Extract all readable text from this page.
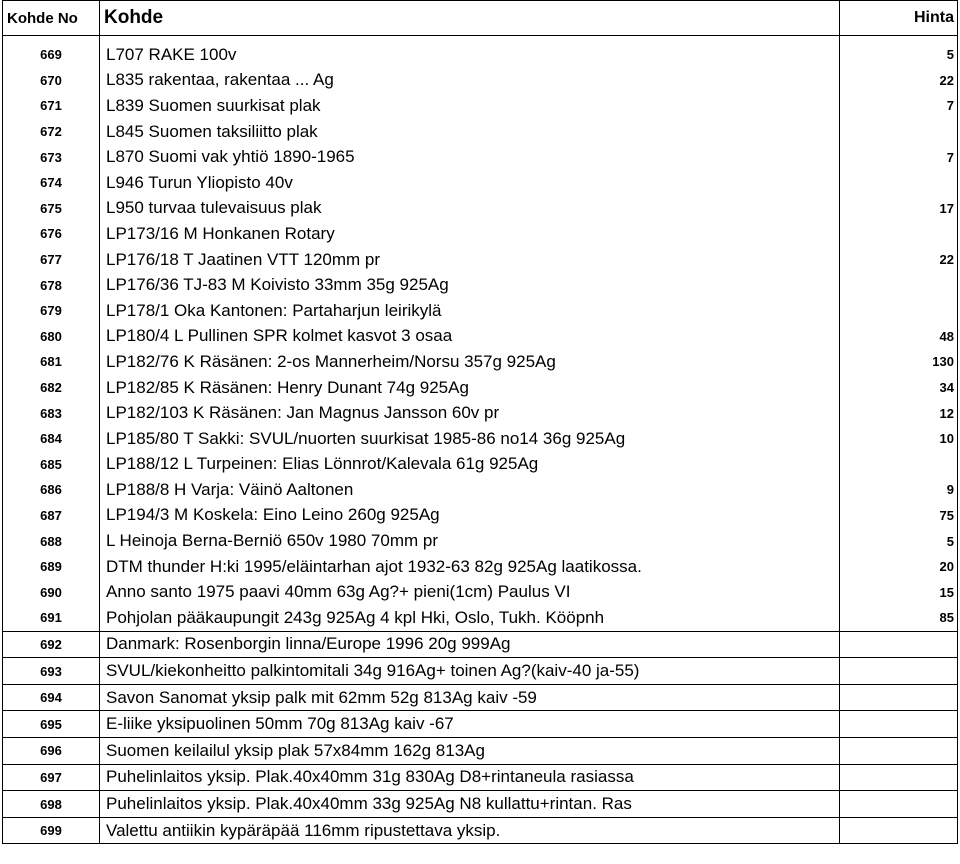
Kohde No	Kohde	Hinta

669	L707 RAKE 100v	5
670	L835 rakentaa, rakentaa ... Ag	22
671	L839 Suomen suurkisat plak	7
672	L845 Suomen taksiliitto plak	
673	L870 Suomi vak yhtiö 1890-1965	7
674	L946 Turun Yliopisto 40v	
675	L950 turvaa tulevaisuus plak	17
676	LP173/16 M Honkanen Rotary	
677	LP176/18 T Jaatinen VTT 120mm pr	22
678	LP176/36 TJ-83 M Koivisto 33mm 35g 925Ag	
679	LP178/1 Oka Kantonen: Partaharjun leirikylä	
680	LP180/4 L Pullinen SPR kolmet kasvot 3 osaa	48
681	LP182/76 K Räsänen: 2-os Mannerheim/Norsu 357g 925Ag	130
682	LP182/85 K Räsänen: Henry Dunant 74g 925Ag	34
683	LP182/103 K Räsänen: Jan Magnus Jansson 60v pr	12
684	LP185/80 T Sakki: SVUL/nuorten suurkisat 1985-86 no14 36g 925Ag	10
685	LP188/12 L Turpeinen: Elias Lönnrot/Kalevala 61g 925Ag	
686	LP188/8 H Varja: Väinö Aaltonen	9
687	LP194/3 M Koskela: Eino Leino 260g 925Ag	75
688	L Heinoja Berna-Berniö 650v 1980 70mm pr	5
689	DTM thunder H:ki 1995/eläintarhan ajot 1932-63 82g 925Ag laatikossa.	20
690	Anno santo 1975 paavi 40mm 63g Ag?+ pieni(1cm) Paulus VI	15
691	Pohjolan pääkaupungit 243g 925Ag 4 kpl Hki, Oslo, Tukh. Kööpnh	85
692	Danmark: Rosenborgin linna/Europe 1996 20g 999Ag	
693	SVUL/kiekonheitto palkintomitali 34g 916Ag+ toinen Ag?(kaiv-40 ja-55)	
694	Savon Sanomat yksip palk mit 62mm 52g 813Ag kaiv -59	
695	E-liike yksipuolinen 50mm 70g 813Ag kaiv -67	
696	Suomen keilailul yksip plak 57x84mm 162g 813Ag	
697	Puhelinlaitos yksip. Plak.40x40mm 31g 830Ag D8+rintaneula rasiassa	
698	Puhelinlaitos yksip. Plak.40x40mm 33g 925Ag N8 kullattu+rintan. Ras	
699	Valettu antiikin kypäräpää 116mm ripustettava yksip.	
